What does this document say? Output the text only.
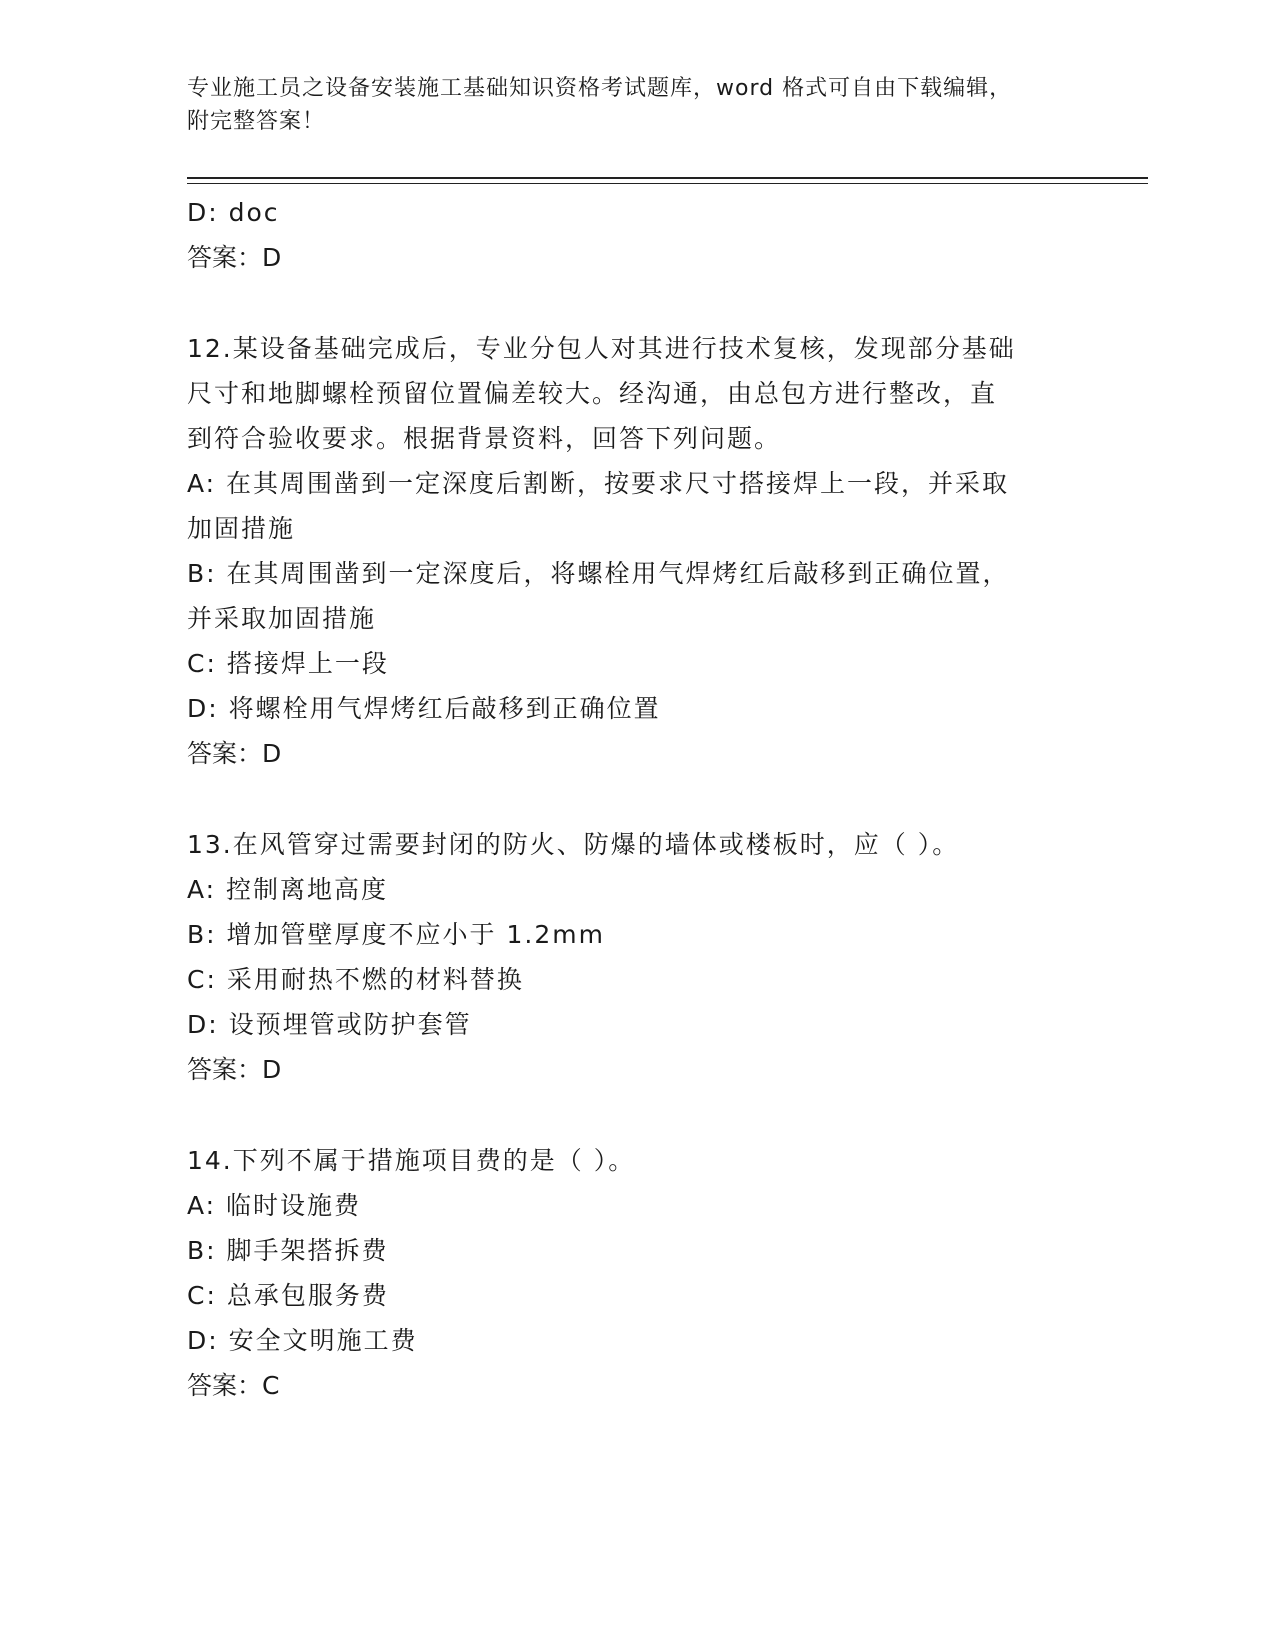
专业施工员之设备安装施工基础知识资格考试题库，word 格式可自由下载编辑，
附完整答案！
D: doc
答案：D
12.某设备基础完成后，专业分包人对其进行技术复核，发现部分基础
尺寸和地脚螺栓预留位置偏差较大。经沟通，由总包方进行整改，直
到符合验收要求。根据背景资料，回答下列问题。
A: 在其周围凿到一定深度后割断，按要求尺寸搭接焊上一段，并采取
加固措施
B: 在其周围凿到一定深度后，将螺栓用气焊烤红后敲移到正确位置，
并采取加固措施
C: 搭接焊上一段
D: 将螺栓用气焊烤红后敲移到正确位置
答案：D
13.在风管穿过需要封闭的防火、防爆的墙体或楼板时，应（ ）。
A: 控制离地高度
B: 增加管壁厚度不应小于 1.2mm
C: 采用耐热不燃的材料替换
D: 设预埋管或防护套管
答案：D
14.下列不属于措施项目费的是（ ）。
A: 临时设施费
B: 脚手架搭拆费
C: 总承包服务费
D: 安全文明施工费
答案：C
